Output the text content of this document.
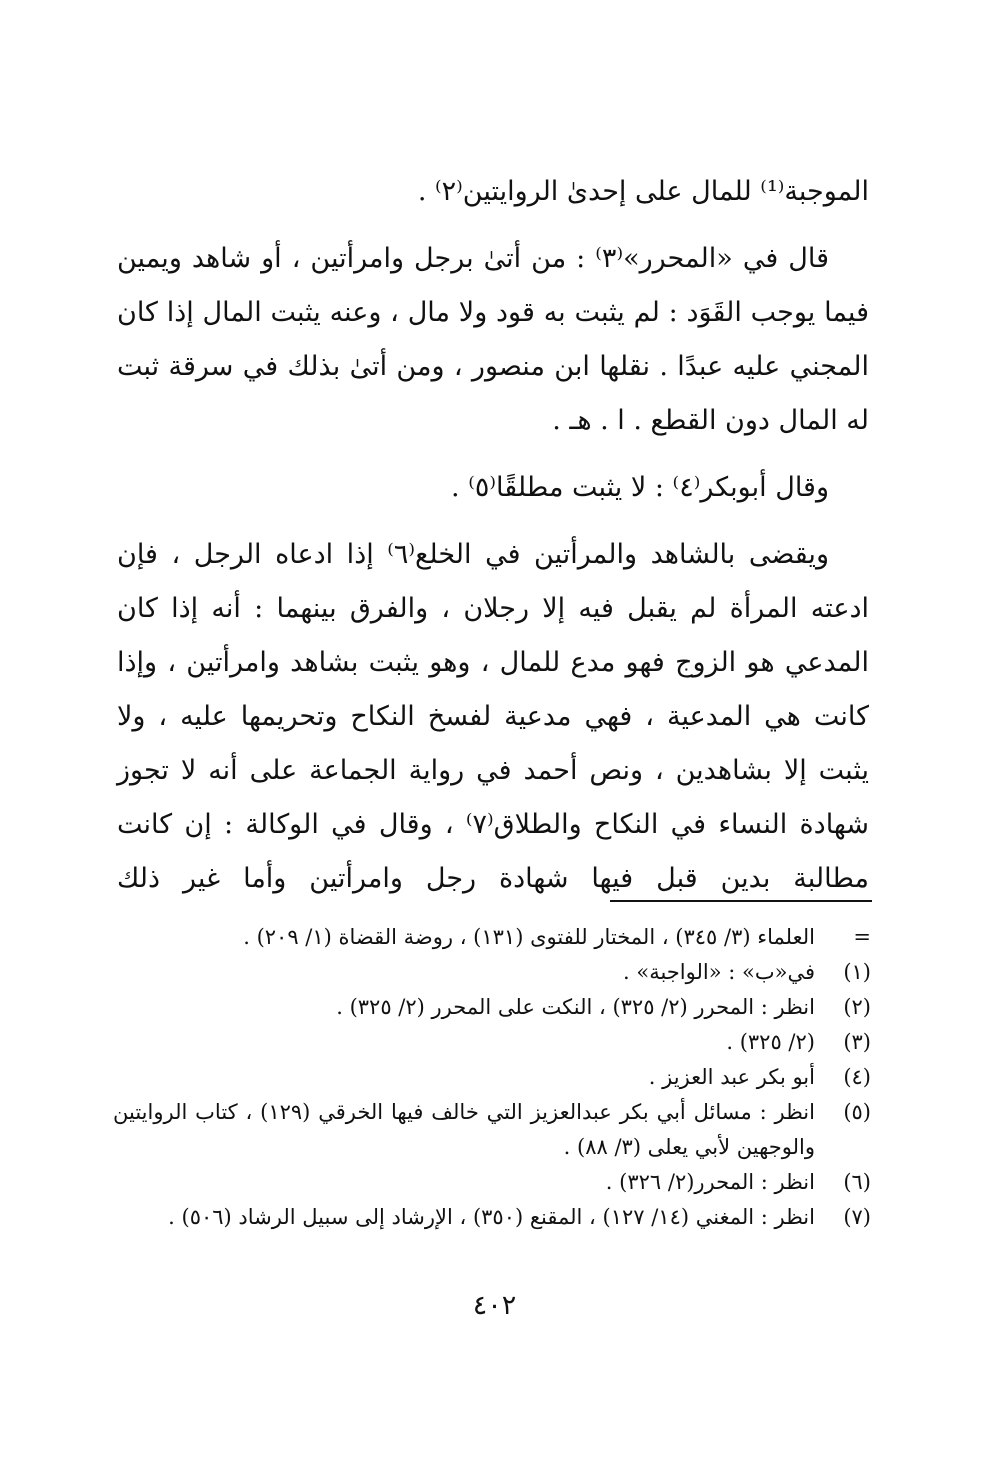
الموجبة⁽¹⁾ للمال على إحدىٰ الروايتين⁽٢⁾ .

قال في «المحرر»⁽٣⁾ : من أتىٰ برجل وامرأتين ، أو شاهد ويمين فيما يوجب القَوَد : لم يثبت به قود ولا مال ، وعنه يثبت المال إذا كان المجني عليه عبدًا . نقلها ابن منصور ، ومن أتىٰ بذلك في سرقة ثبت له المال دون القطع . ا . هـ .

وقال أبوبكر⁽٤⁾ : لا يثبت مطلقًا⁽٥⁾ .

ويقضى بالشاهد والمرأتين في الخلع⁽٦⁾ إذا ادعاه الرجل ، فإن ادعته المرأة لم يقبل فيه إلا رجلان ، والفرق بينهما : أنه إذا كان المدعي هو الزوج فهو مدع للمال ، وهو يثبت بشاهد وامرأتين ، وإذا كانت هي المدعية ، فهي مدعية لفسخ النكاح وتحريمها عليه ، ولا يثبت إلا بشاهدين ، ونص أحمد في رواية الجماعة على أنه لا تجوز شهادة النساء في النكاح والطلاق⁽٧⁾ ، وقال في الوكالة : إن كانت مطالبة بدين قبل فيها شهادة رجل وامرأتين وأما غير ذلك

=
العلماء (٣/ ٣٤٥) ، المختار للفتوى (١٣١) ، روضة القضاة (١/ ٢٠٩) .
(١)
في«ب» : «الواجبة» .
(٢)
انظر : المحرر (٢/ ٣٢٥) ، النكت على المحرر (٢/ ٣٢٥) .
(٣)
(٢/ ٣٢٥) .
(٤)
أبو بكر عبد العزيز .
(٥)
انظر : مسائل أبي بكر عبدالعزيز التي خالف فيها الخرقي (١٢٩) ، كتاب الروايتين والوجهين لأبي يعلى (٣/ ٨٨) .
(٦)
انظر : المحرر(٢/ ٣٢٦) .
(٧)
انظر : المغني (١٤/ ١٢٧) ، المقنع (٣٥٠) ، الإرشاد إلى سبيل الرشاد (٥٠٦) .
٤٠٢
